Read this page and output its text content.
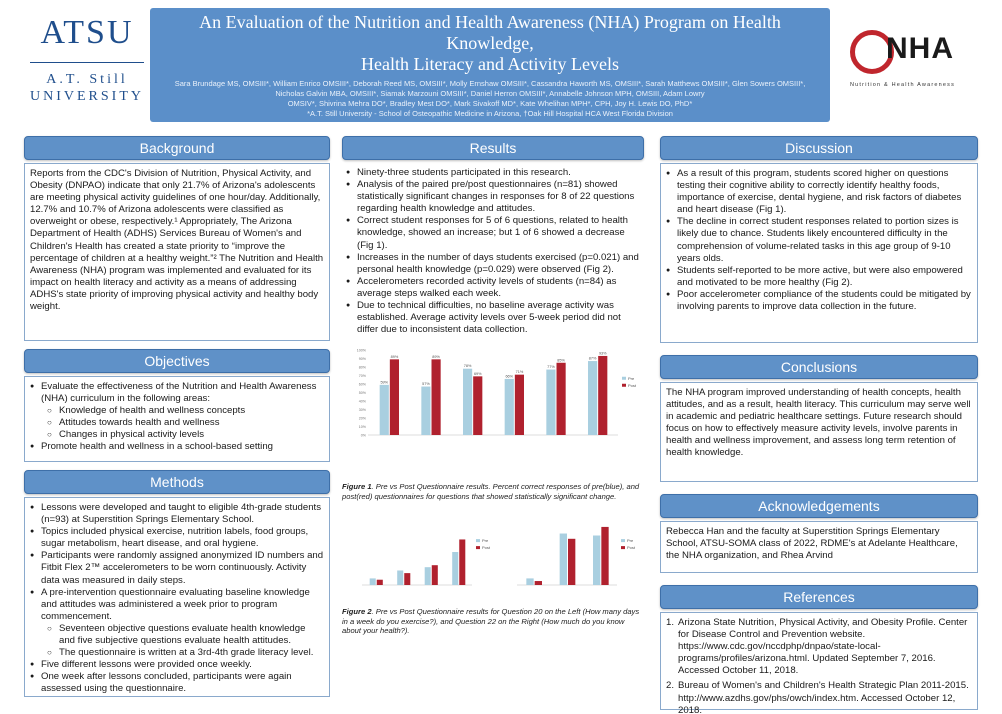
ATSU
A.T. Still
UNIVERSITY
An Evaluation of the Nutrition and Health Awareness (NHA) Program on Health Knowledge,
Health Literacy and Activity Levels
Sara Brundage MS, OMSIII*, William Enrico OMSIII*, Deborah Reed MS, OMSIII*, Molly Ernshaw OMSIII*, Cassandra Haworth MS, OMSIII*, Sarah Matthews OMSIII*, Glen Sowers OMSIII*, Nicholas Galvin MBA, OMSIII*, Siamak Marzouni OMSIII*, Daniel Herron OMSIII*, Annabelle Johnson MPH, OMSIII, Adam Lowry
OMSIV*, Shivrina Mehra DO*, Bradley Mest DO*, Mark Sivakoff MD*, Kate Whelihan MPH*, CPH, Joy H. Lewis DO, PhD*
*A.T. Still University - School of Osteopathic Medicine in Arizona, †Oak Hill Hospital HCA West Florida Division
NHA
Nutrition & Health Awareness
Background
Reports from the CDC's Division of Nutrition, Physical Activity, and Obesity (DNPAO) indicate that only 21.7% of Arizona's adolescents are meeting physical activity guidelines of one hour/day. Additionally, 12.7% and 10.7% of Arizona adolescents were classified as overweight or obese, respectively.¹ Appropriately, The Arizona Department of Health (ADHS) Services Bureau of Women's and Children's Health has created a state priority to “improve the percentage of children at a healthy weight.”² The Nutrition and Health Awareness (NHA) program was implemented and evaluated for its impact on health literacy and activity as a means of addressing ADHS's state priority of improving physical activity and healthy body weight.
Objectives
● Evaluate the effectiveness of the Nutrition and Health Awareness (NHA) curriculum in the following areas:
○ Knowledge of health and wellness concepts
○ Attitudes towards health and wellness
○ Changes in physical activity levels
● Promote health and wellness in a school-based setting
Methods
● Lessons were developed and taught to eligible 4th-grade students (n=93) at Superstition Springs Elementary School.
● Topics included physical exercise, nutrition labels, food groups, sugar metabolism, heart disease, and oral hygiene.
● Participants were randomly assigned anonymized ID numbers and Fitbit Flex 2™ accelerometers to be worn continuously. Activity data was measured in daily steps.
● A pre-intervention questionnaire evaluating baseline knowledge and attitudes was administered a week prior to program commencement.
○ Seventeen objective questions evaluate health knowledge and five subjective questions evaluate health attitudes.
○ The questionnaire is written at a 3rd-4th grade literacy level.
● Five different lessons were provided once weekly.
● One week after lessons concluded, participants were again assessed using the questionnaire.
Results
● Ninety-three students participated in this research.
● Analysis of the paired pre/post questionnaires (n=81) showed statistically significant changes in responses for 8 of 22 questions regarding health knowledge and attitudes.
● Correct student responses for 5 of 6 questions, related to health knowledge, showed an increase; but 1 of 6 showed a decrease (Fig 1).
● Increases in the number of days students exercised (p=0.021) and personal health knowledge (p=0.029) were observed (Fig 2).
● Accelerometers recorded activity levels of students (n=84) as average steps walked each week.
● Due to technical difficulties, no baseline average activity was established. Average activity levels over 5-week period did not differ due to inconsistent data collection.
0%
10%
20%
30%
40%
50%
60%
70%
80%
90%
100%
59%
89%
57%
89%
78%
69%
66%
71%
77%
85%	87%
93%
Pre
Post
Figure 1. Pre vs Post Questionnaire results. Percent correct responses of pre(blue), and post(red) questionnaires for questions that showed statistically significant change.
Pre
Post
Pre
Post
Figure 2. Pre vs Post Questionnaire results for Question 20 on the Left (How many days in a week do you exercise?), and Question 22 on the Right (How much do you know about your health?).
Discussion
● As a result of this program, students scored higher on questions testing their cognitive ability to correctly identify healthy foods, importance of exercise, dental hygiene, and risk factors of diabetes and heart disease (Fig 1).
● The decline in correct student responses related to portion sizes is likely due to chance. Students likely encountered difficulty in the comprehension of volume-related tasks in this age group of 9-10 years olds.
● Students self-reported to be more active, but were also empowered and motivated to be more healthy (Fig 2).
● Poor accelerometer compliance of the students could be mitigated by involving parents to improve data collection in the future.
Conclusions
The NHA program improved understanding of health concepts, health attitudes, and as a result, health literacy. This curriculum may serve well in academic and pediatric healthcare settings. Future research should focus on how to effectively measure activity levels, involve parents in health and wellness improvement, and assess long term retention of health knowledge.
Acknowledgements
Rebecca Han and the faculty at Superstition Springs Elementary School, ATSU-SOMA class of 2022, RDME's at Adelante Healthcare, the NHA organization, and Rhea Arvind
References
1. Arizona State Nutrition, Physical Activity, and Obesity Profile. Center for Disease Control and Prevention website. https://www.cdc.gov/nccdphp/dnpao/state-local-programs/profiles/arizona.html. Updated September 7, 2016. Accessed October 11, 2018.
2. Bureau of Women's and Children's Health Strategic Plan 2011-2015. http://www.azdhs.gov/phs/owch/index.htm. Accessed October 12, 2018.
